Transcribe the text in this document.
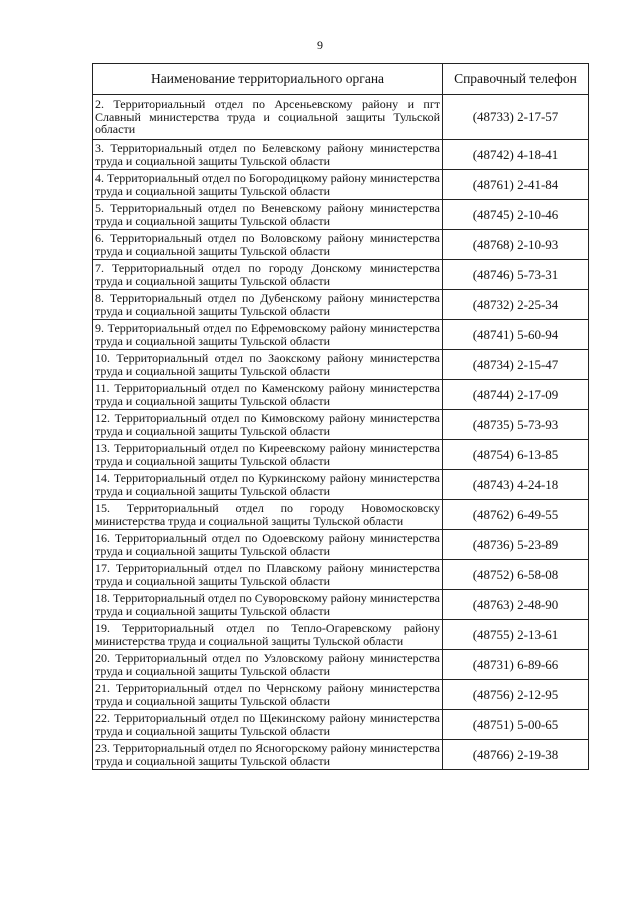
9
Наименование территориального органа	Справочный телефон
2. Территориальный отдел по Арсеньевскому району и пгт Славный министерства труда и социальной защиты Тульской области	(48733) 2-17-57
3. Территориальный отдел по Белевскому району министерства труда и социальной защиты Тульской области	(48742) 4-18-41
4. Территориальный отдел по Богородицкому району министерства труда и социальной защиты Тульской области	(48761) 2-41-84
5. Территориальный отдел по Веневскому району министерства труда и социальной защиты Тульской области	(48745) 2-10-46
6. Территориальный отдел по Воловскому району министерства труда и социальной защиты Тульской области	(48768) 2-10-93
7. Территориальный отдел по городу Донскому министерства труда и социальной защиты Тульской области	(48746) 5-73-31
8. Территориальный отдел по Дубенскому району министерства труда и социальной защиты Тульской области	(48732) 2-25-34
9. Территориальный отдел по Ефремовскому району министерства труда и социальной защиты Тульской области	(48741) 5-60-94
10. Территориальный отдел по Заокскому району министерства труда и социальной защиты Тульской области	(48734) 2-15-47
11. Территориальный отдел по Каменскому району министерства труда и социальной защиты Тульской области	(48744) 2-17-09
12. Территориальный отдел по Кимовскому району министерства труда и социальной защиты Тульской области	(48735) 5-73-93
13. Территориальный отдел по Киреевскому району министерства труда и социальной защиты Тульской области	(48754) 6-13-85
14. Территориальный отдел по Куркинскому району министерства труда и социальной защиты Тульской области	(48743) 4-24-18
15. Территориальный отдел по городу Новомосковску министерства труда и социальной защиты Тульской области	(48762) 6-49-55
16. Территориальный отдел по Одоевскому району министерства труда и социальной защиты Тульской области	(48736) 5-23-89
17. Территориальный отдел по Плавскому району министерства труда и социальной защиты Тульской области	(48752) 6-58-08
18. Территориальный отдел по Суворовскому району министерства труда и социальной защиты Тульской области	(48763) 2-48-90
19. Территориальный отдел по Тепло-Огаревскому району министерства труда и социальной защиты Тульской области	(48755) 2-13-61
20. Территориальный отдел по Узловскому району министерства труда и социальной защиты Тульской области	(48731) 6-89-66
21. Территориальный отдел по Чернскому району министерства труда и социальной защиты Тульской области	(48756) 2-12-95
22. Территориальный отдел по Щекинскому району министерства труда и социальной защиты Тульской области	(48751) 5-00-65
23. Территориальный отдел по Ясногорскому району министерства труда и социальной защиты Тульской области	(48766) 2-19-38
